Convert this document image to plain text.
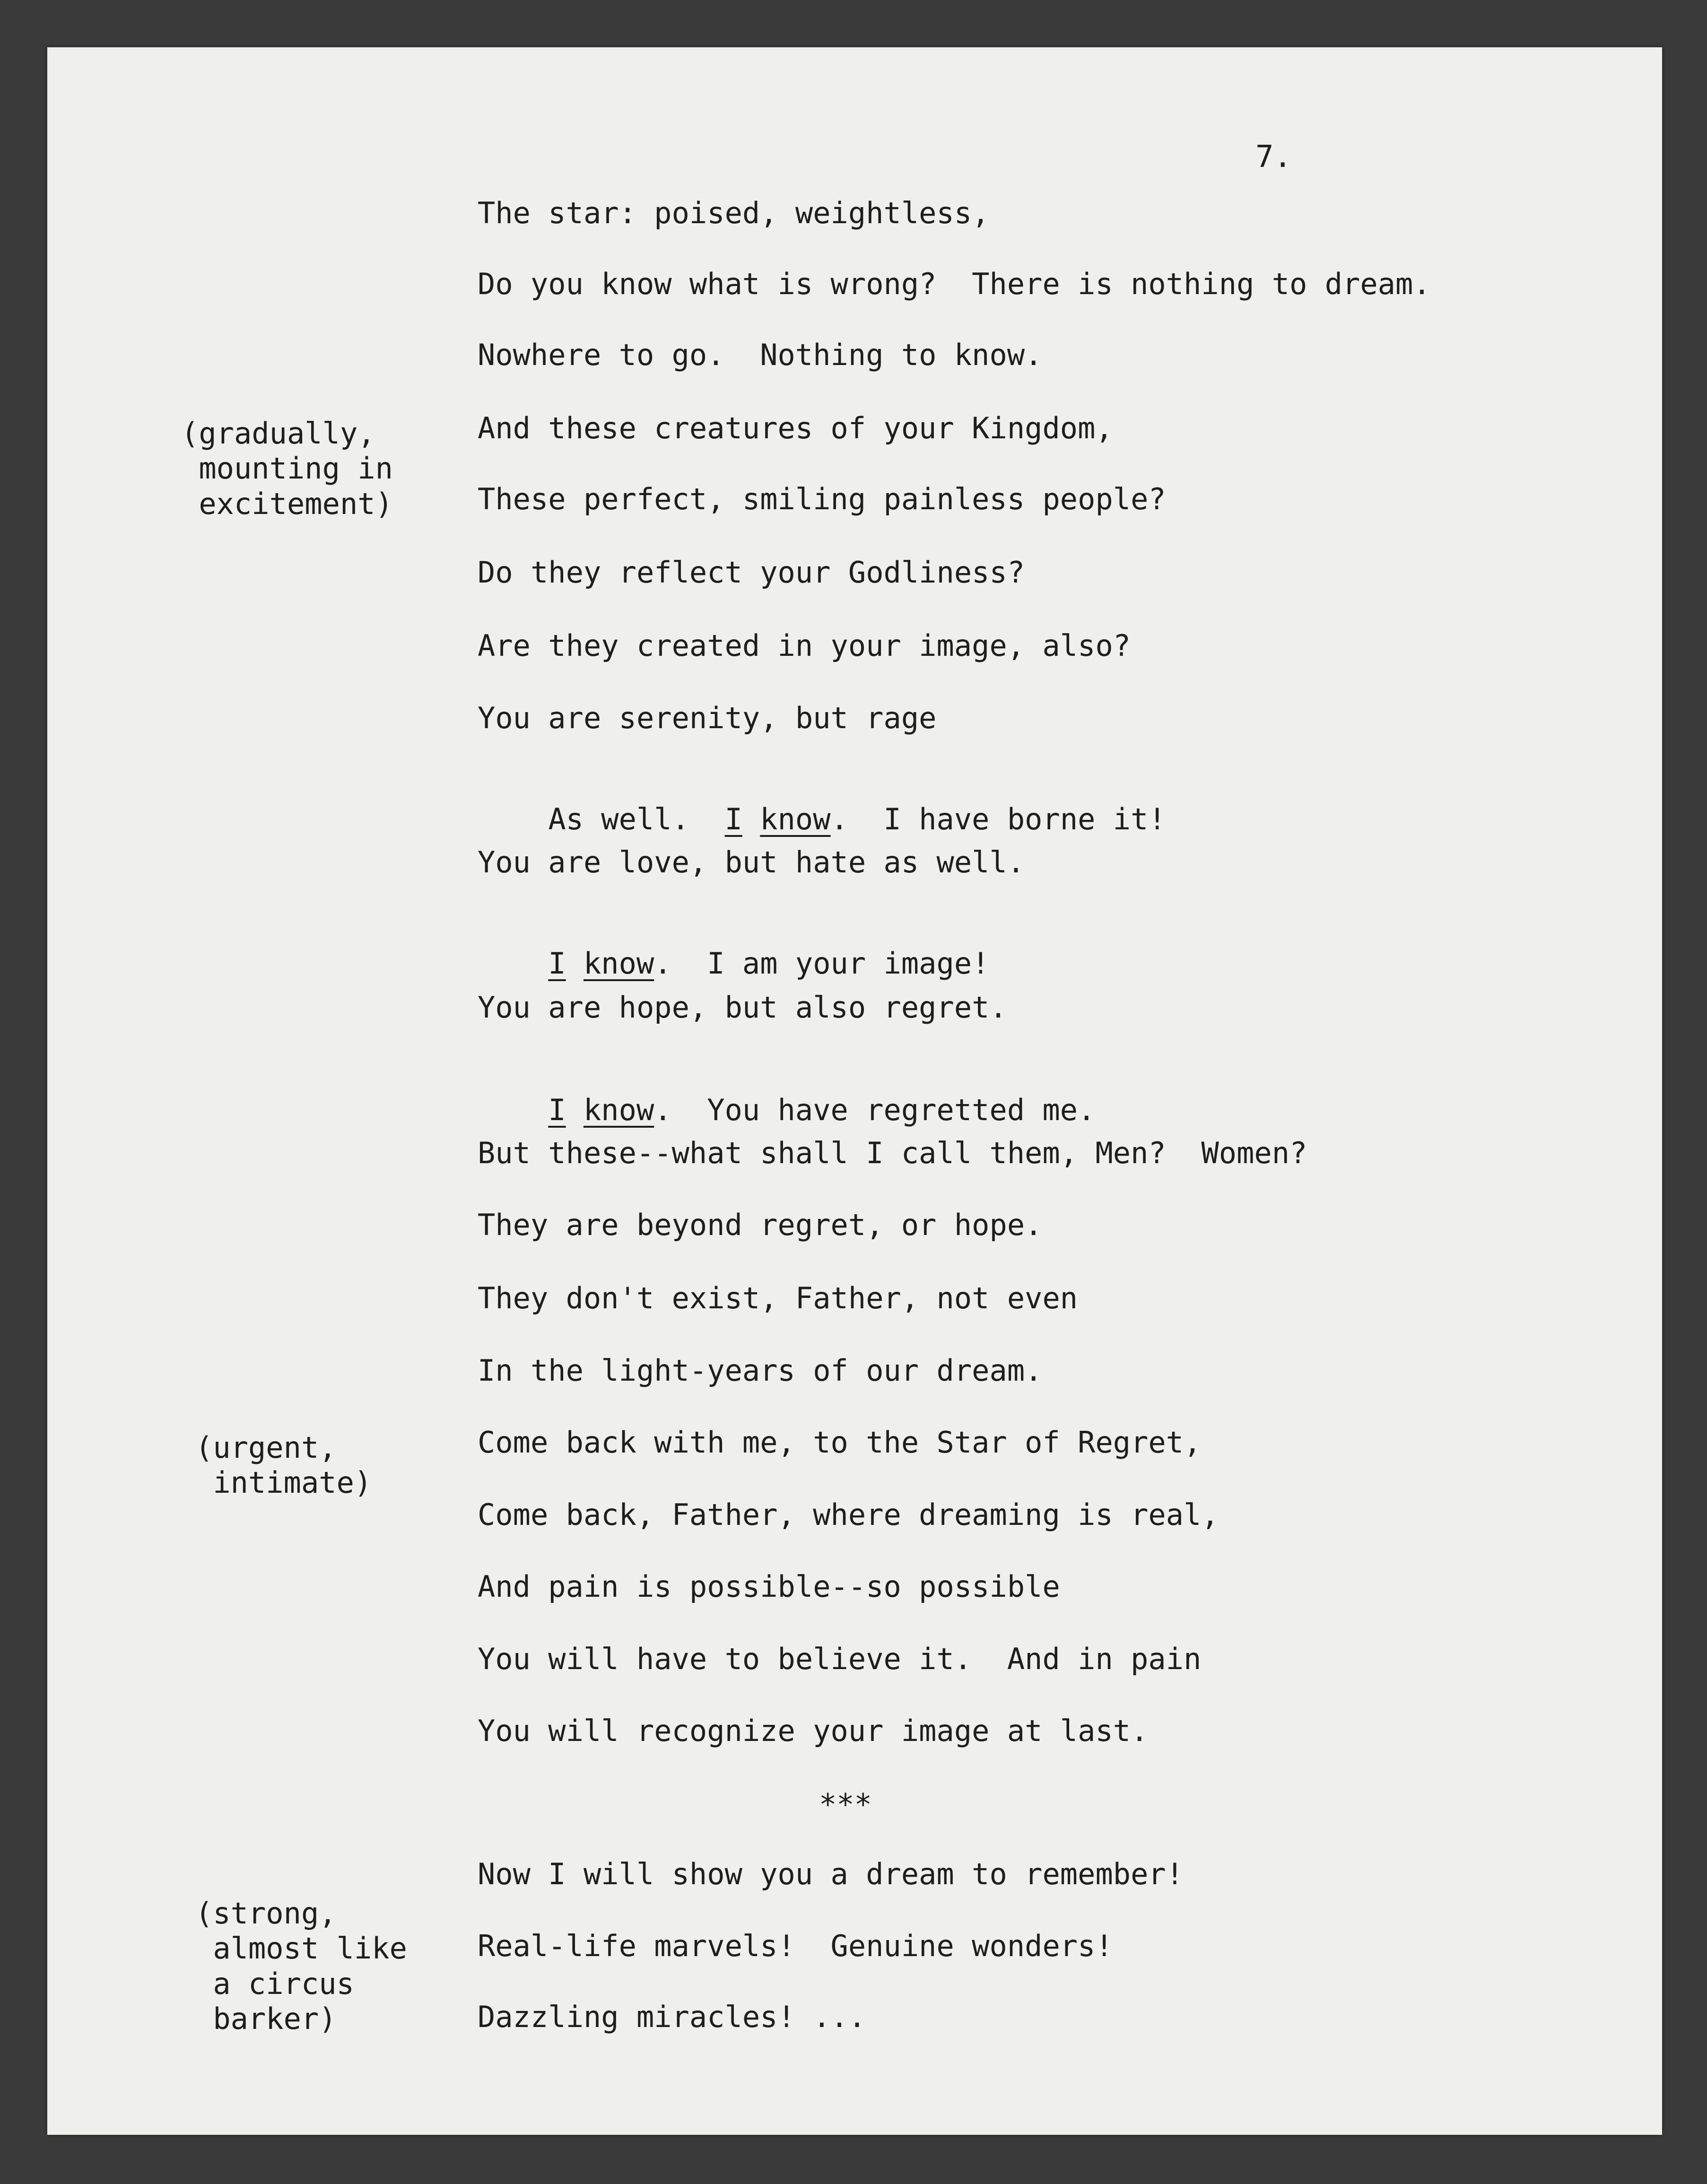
7.
(gradually,
mounting in
excitement)
(urgent,
intimate)
(strong,
almost like
a circus
barker)
The star: poised, weightless,
Do you know what is wrong?  There is nothing to dream.
Nowhere to go.  Nothing to know.
And these creatures of your Kingdom,
These perfect, smiling painless people?
Do they reflect your Godliness?
Are they created in your image, also?
You are serenity, but rage

As well.  I know.  I have borne it!

You are love, but hate as well.

I know.  I am your image!

You are hope, but also regret.

I know.  You have regretted me.

But these--what shall I call them, Men?  Women?
They are beyond regret, or hope.
They don't exist, Father, not even
In the light-years of our dream.
Come back with me, to the Star of Regret,
Come back, Father, where dreaming is real,
And pain is possible--so possible
You will have to believe it.  And in pain
You will recognize your image at last.
***
Now I will show you a dream to remember!
Real-life marvels!  Genuine wonders!
Dazzling miracles! ...
